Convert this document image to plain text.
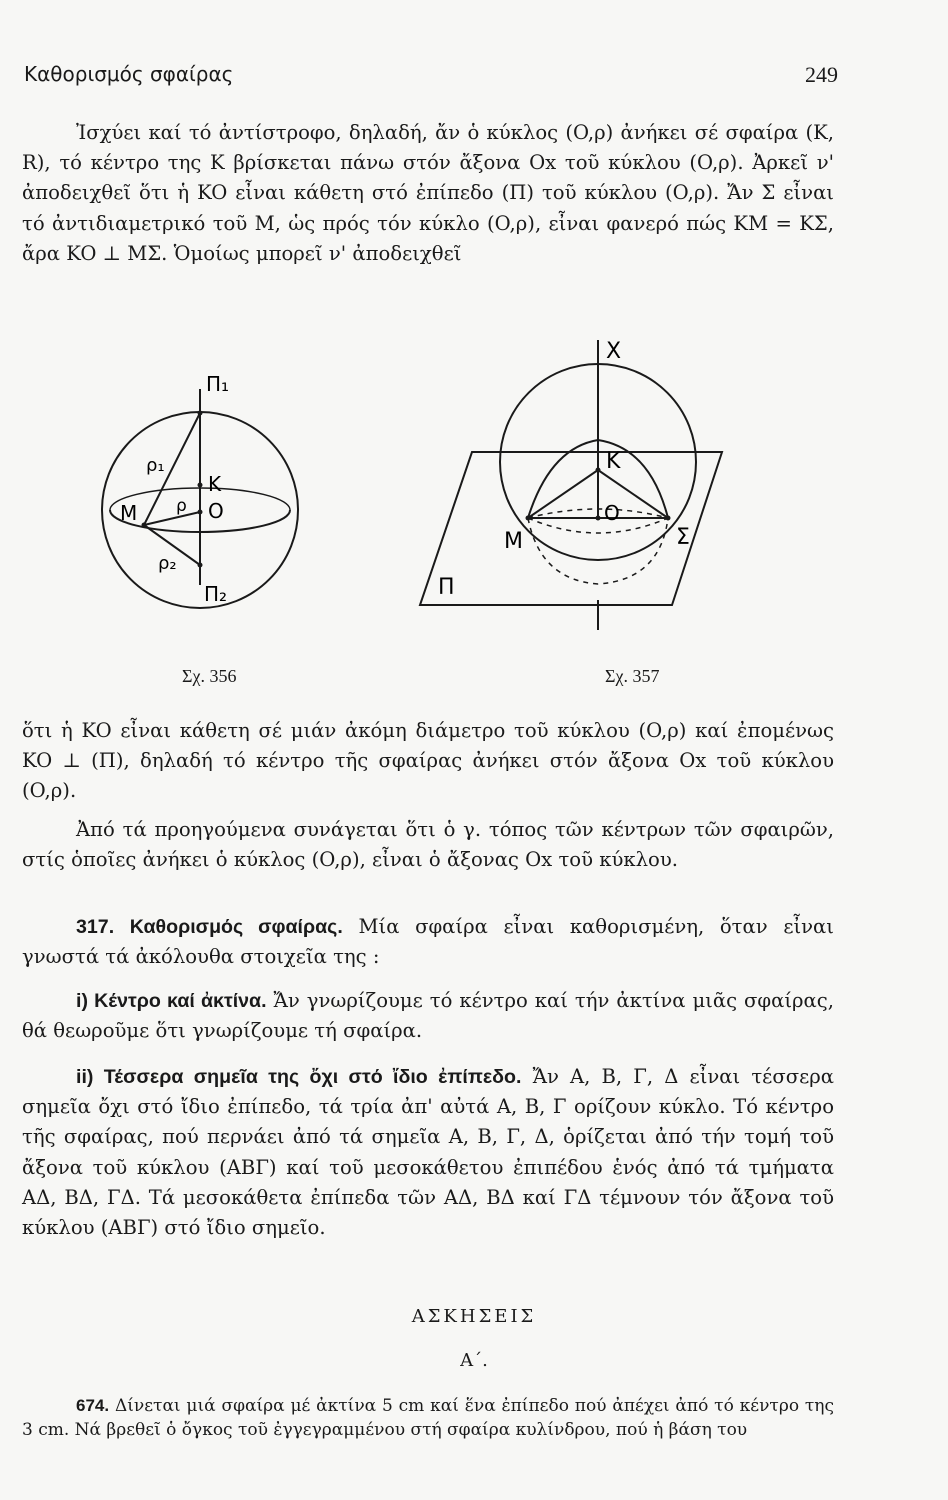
Καθορισμός σφαίρας	249

Ἰσχύει καί τό ἀντίστροφο, δηλαδή, ἄν ὁ κύκλος (O,ρ) ἀνήκει σέ σφαίρα (K, R), τό κέντρο της K βρίσκεται πάνω στόν ἄξονα Ox τοῦ κύκλου (O,ρ). Ἀρκεῖ ν' ἀποδειχθεῖ ὅτι ἡ KO εἶναι κάθετη στό ἐπίπεδο (Π) τοῦ κύκλου (O,ρ). Ἄν Σ εἶναι τό ἀντιδιαμετρικό τοῦ M, ὡς πρός τόν κύκλο (O,ρ), εἶναι φανερό πώς KM = KΣ, ἄρα KO ⊥ MΣ. Ὁμοίως μπορεῖ ν' ἀποδειχθεῖ

Π₁
Π₂
ρ₁
ρ₂
ρ
K
O
M
Σχ. 356
X
K
O
M	Σ
Π
Σχ. 357

ὅτι ἡ KO εἶναι κάθετη σέ μιάν ἀκόμη διάμετρο τοῦ κύκλου (O,ρ) καί ἐπομένως KO ⊥ (Π), δηλαδή τό κέντρο τῆς σφαίρας ἀνήκει στόν ἄξονα Ox τοῦ κύκλου (O,ρ).

Ἀπό τά προηγούμενα συνάγεται ὅτι ὁ γ. τόπος τῶν κέντρων τῶν σφαιρῶν, στίς ὁποῖες ἀνήκει ὁ κύκλος (O,ρ), εἶναι ὁ ἄξονας Ox τοῦ κύκλου.

317. Καθορισμός σφαίρας. Μία σφαίρα εἶναι καθορισμένη, ὅταν εἶναι γνωστά τά ἀκόλουθα στοιχεῖα της :

i) Κέντρο καί ἀκτίνα. Ἄν γνωρίζουμε τό κέντρο καί τήν ἀκτίνα μιᾶς σφαίρας, θά θεωροῦμε ὅτι γνωρίζουμε τή σφαίρα.

ii) Τέσσερα σημεῖα της ὄχι στό ἴδιο ἐπίπεδο. Ἄν A, B, Γ, Δ εἶναι τέσσερα σημεῖα ὄχι στό ἴδιο ἐπίπεδο, τά τρία ἀπ' αὐτά A, B, Γ ορίζουν κύκλο. Τό κέντρο τῆς σφαίρας, πού περνάει ἀπό τά σημεῖα A, B, Γ, Δ, ὁρίζεται ἀπό τήν τομή τοῦ ἄξονα τοῦ κύκλου (ABΓ) καί τοῦ μεσοκάθετου ἐπιπέδου ἑνός ἀπό τά τμήματα AΔ, BΔ, ΓΔ. Τά μεσοκάθετα ἐπίπεδα τῶν AΔ, BΔ καί ΓΔ τέμνουν τόν ἄξονα τοῦ κύκλου (ABΓ) στό ἴδιο σημεῖο.

ΑΣΚΗΣΕΙΣ
Α΄.

674. Δίνεται μιά σφαίρα μέ ἀκτίνα 5 cm καί ἕνα ἐπίπεδο πού ἀπέχει ἀπό τό κέντρο της 3 cm. Νά βρεθεῖ ὁ ὄγκος τοῦ ἐγγεγραμμένου στή σφαίρα κυλίνδρου, πού ἡ βάση του
